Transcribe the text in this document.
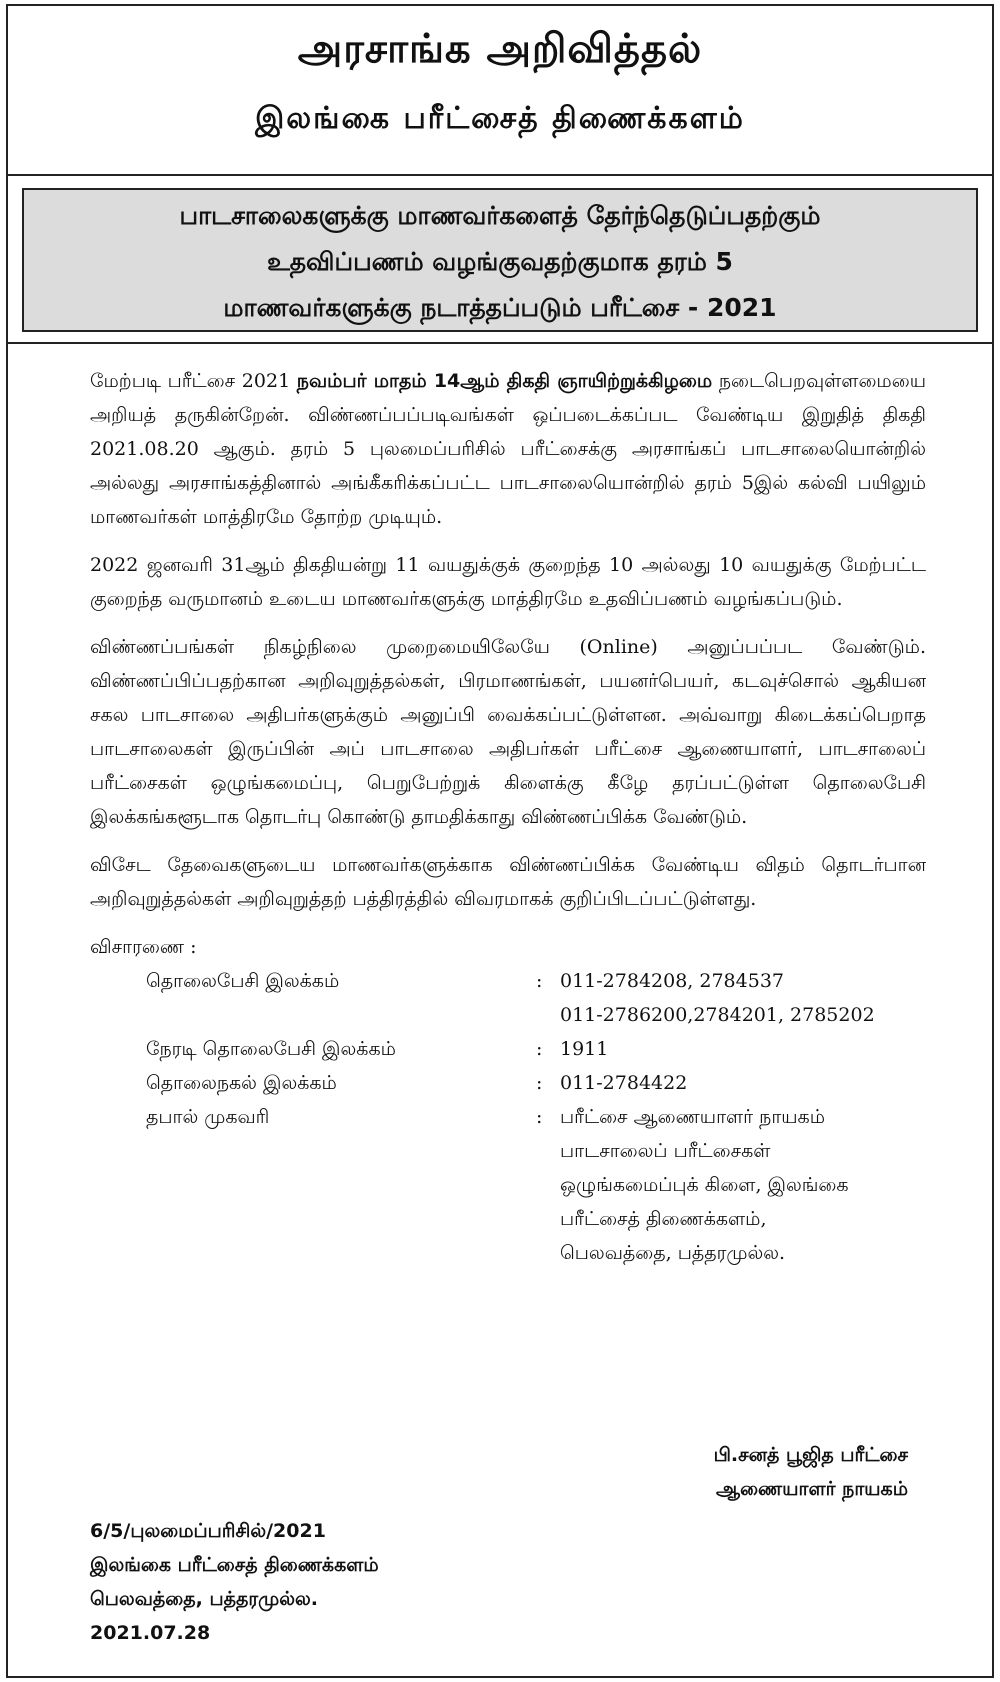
அரசாங்க அறிவித்தல்
இலங்கை பரீட்சைத் திணைக்களம்
பாடசாலைகளுக்கு மாணவர்களைத் தேர்ந்தெடுப்பதற்கும்
உதவிப்பணம் வழங்குவதற்குமாக தரம் 5
மாணவர்களுக்கு நடாத்தப்படும் பரீட்சை - 2021

மேற்படி பரீட்சை 2021 நவம்பர் மாதம் 14ஆம் திகதி ஞாயிற்றுக்கிழமை நடைபெறவுள்ளமையை அறியத் தருகின்றேன். விண்ணப்பப்படிவங்கள் ஒப்படைக்கப்பட வேண்டிய இறுதித் திகதி 2021.08.20 ஆகும். தரம் 5 புலமைப்பரிசில் பரீட்சைக்கு அரசாங்கப் பாடசாலையொன்றில் அல்லது அரசாங்கத்தினால் அங்கீகரிக்கப்பட்ட பாடசாலையொன்றில் தரம் 5இல் கல்வி பயிலும் மாணவர்கள் மாத்திரமே தோற்ற முடியும்.

2022 ஜனவரி 31ஆம் திகதியன்று 11 வயதுக்குக் குறைந்த 10 அல்லது 10 வயதுக்கு மேற்பட்ட குறைந்த வருமானம் உடைய மாணவர்களுக்கு மாத்திரமே உதவிப்பணம் வழங்கப்படும்.

விண்ணப்பங்கள் நிகழ்நிலை முறைமையிலேயே (Online) அனுப்பப்பட வேண்டும். விண்ணப்பிப்பதற்கான அறிவுறுத்தல்கள், பிரமாணங்கள், பயனர்பெயர், கடவுச்சொல் ஆகியன சகல பாடசாலை அதிபர்களுக்கும் அனுப்பி வைக்கப்பட்டுள்ளன. அவ்வாறு கிடைக்கப்பெறாத பாடசாலைகள் இருப்பின் அப் பாடசாலை அதிபர்கள் பரீட்சை ஆணையாளர், பாடசாலைப் பரீட்சைகள் ஒழுங்கமைப்பு, பெறுபேற்றுக் கிளைக்கு கீழே தரப்பட்டுள்ள தொலைபேசி இலக்கங்களூடாக தொடர்பு கொண்டு தாமதிக்காது விண்ணப்பிக்க வேண்டும்.

விசேட தேவைகளுடைய மாணவர்களுக்காக விண்ணப்பிக்க வேண்டிய விதம் தொடர்பான அறிவுறுத்தல்கள் அறிவுறுத்தற் பத்திரத்தில் விவரமாகக் குறிப்பிடப்பட்டுள்ளது.

விசாரணை :
தொலைபேசி இலக்கம்	: 011-2784208, 2784537
011-2786200,2784201, 2785202
நேரடி தொலைபேசி இலக்கம்	: 1911
தொலைநகல் இலக்கம்	: 011-2784422
தபால் முகவரி	: பரீட்சை ஆணையாளர் நாயகம்
பாடசாலைப் பரீட்சைகள்
ஒழுங்கமைப்புக் கிளை, இலங்கை
பரீட்சைத் திணைக்களம்,
பெலவத்தை, பத்தரமுல்ல.
பி.சனத் பூஜித பரீட்சை
ஆணையாளர் நாயகம்
6/5/புலமைப்பரிசில்/2021
இலங்கை பரீட்சைத் திணைக்களம்
பெலவத்தை, பத்தரமுல்ல.
2021.07.28
